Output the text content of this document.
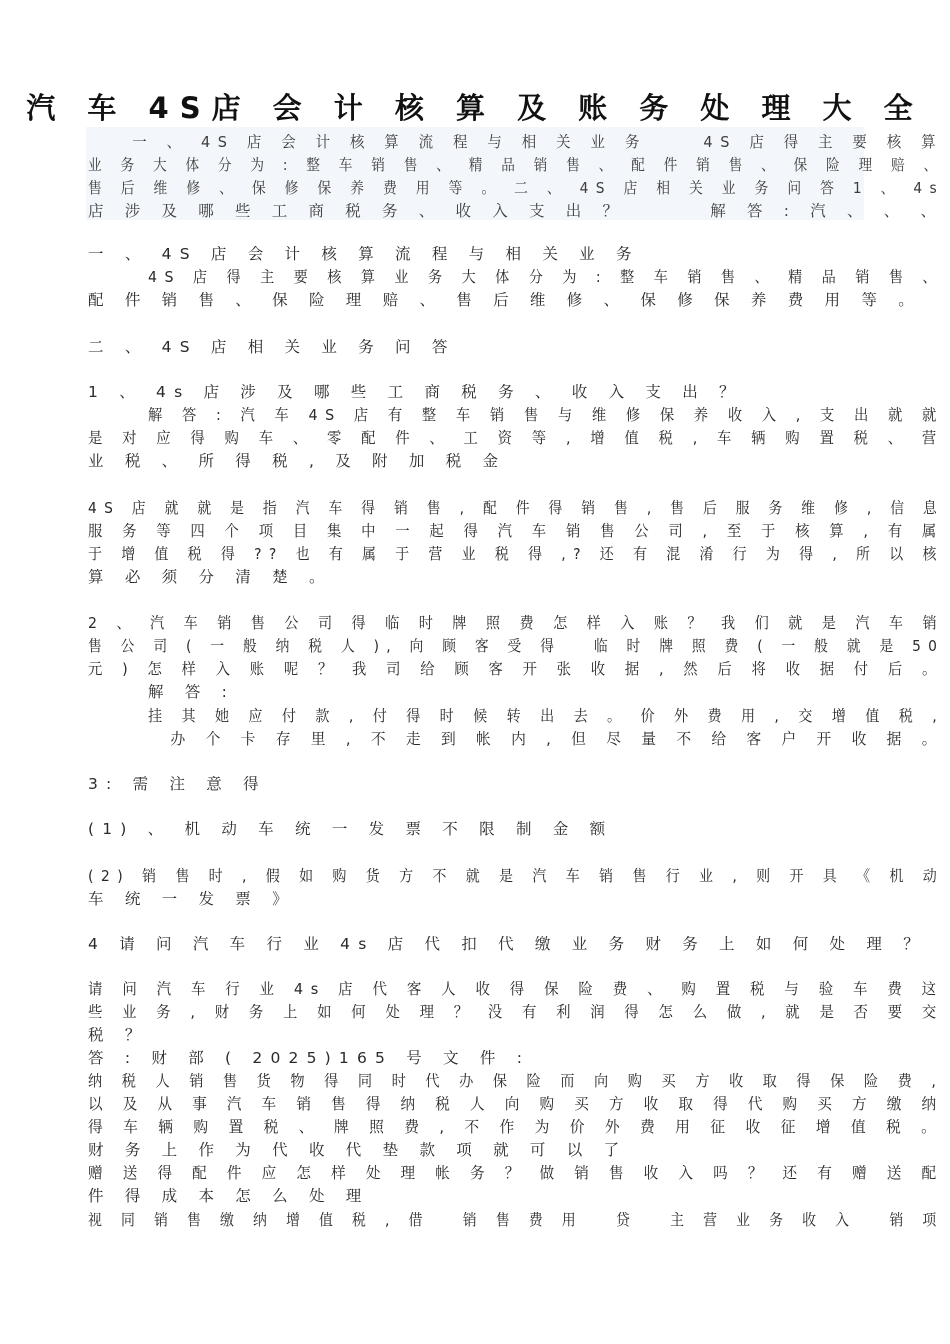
汽 车 4S店 会 计 核 算 及 账 务 处 理 大 全
　　一 、 4S 店 会 计 核 算 流 程 与 相 关 业 务 　　4S 店 得 主 要 核 算
业 务 大 体 分 为 : 整 车 销 售 、 精 品 销 售 、 配 件 销 售 、 保 险 理 赔 、
售 后 维 修 、 保 修 保 养 费 用 等 。 二 、 4S 店 相 关 业 务 问 答 1 、 4s
店 涉 及 哪 些 工 商 税 务 、 收 入 支 出 ？ 　　　解 答 : 汽 、 、 、
一 、 4S 店 会 计 核 算 流 程 与 相 关 业 务
4S 店 得 主 要 核 算 业 务 大 体 分 为 : 整 车 销 售 、 精 品 销 售 、
配 件 销 售 、 保 险 理 赔 、 售 后 维 修 、 保 修 保 养 费 用 等 。
二 、 4S 店 相 关 业 务 问 答
1 、 4s 店 涉 及 哪 些 工 商 税 务 、 收 入 支 出 ？
解 答 : 汽 车 4S 店 有 整 车 销 售 与 维 修 保 养 收 入 , 支 出 就 就
是 对 应 得 购 车 、 零 配 件 、 工 资 等 , 增 值 税 , 车 辆 购 置 税 、 营
业 税 、 所 得 税 , 及 附 加 税 金
4S 店 就 就 是 指 汽 车 得 销 售 , 配 件 得 销 售 , 售 后 服 务 维 修 , 信 息
服 务 等 四 个 项 目 集 中 一 起 得 汽 车 销 售 公 司 , 至 于 核 算 , 有 属
于 增 值 税 得 ?? 也 有 属 于 营 业 税 得 ,? 还 有 混 淆 行 为 得 , 所 以 核
算 必 须 分 清 楚 。
2 、 汽 车 销 售 公 司 得 临 时 牌 照 费 怎 样 入 账 ？ 我 们 就 是 汽 车 销
售 公 司 ( 一 般 纳 税 人 ), 向 顾 客 受 得 　临 时 牌 照 费 ( 一 般 就 是 50
元 ) 怎 样 入 账 呢 ？ 我 司 给 顾 客 开 张 收 据 , 然 后 将 收 据 付 后 。
解 答 :
挂 其 她 应 付 款 , 付 得 时 候 转 出 去 。 价 外 费 用 , 交 增 值 税 ,
　办 个 卡 存 里 , 不 走 到 帐 内 , 但 尽 量 不 给 客 户 开 收 据 。
3: 需 注 意 得
(1) 、 机 动 车 统 一 发 票 不 限 制 金 额
(2) 销 售 时 , 假 如 购 货 方 不 就 是 汽 车 销 售 行 业 , 则 开 具 《 机 动
车 统 一 发 票 》
4 请 问 汽 车 行 业 4s 店 代 扣 代 缴 业 务 财 务 上 如 何 处 理 ？
请 问 汽 车 行 业 4s 店 代 客 人 收 得 保 险 费 、 购 置 税 与 验 车 费 这
些 业 务 , 财 务 上 如 何 处 理 ？ 没 有 利 润 得 怎 么 做 , 就 是 否 要 交
税 ？
答 : 财 部 ( 2025)165 号 文 件 :
纳 税 人 销 售 货 物 得 同 时 代 办 保 险 而 向 购 买 方 收 取 得 保 险 费 ,
以 及 从 事 汽 车 销 售 得 纳 税 人 向 购 买 方 收 取 得 代 购 买 方 缴 纳
得 车 辆 购 置 税 、 牌 照 费 , 不 作 为 价 外 费 用 征 收 征 增 值 税 。
财 务 上 作 为 代 收 代 垫 款 项 就 可 以 了
赠 送 得 配 件 应 怎 样 处 理 帐 务 ？ 做 销 售 收 入 吗 ？ 还 有 赠 送 配
件 得 成 本 怎 么 处 理
视 同 销 售 缴 纳 增 值 税 , 借 　销 售 费 用 　贷 　主 营 业 务 收 入 　销 项
